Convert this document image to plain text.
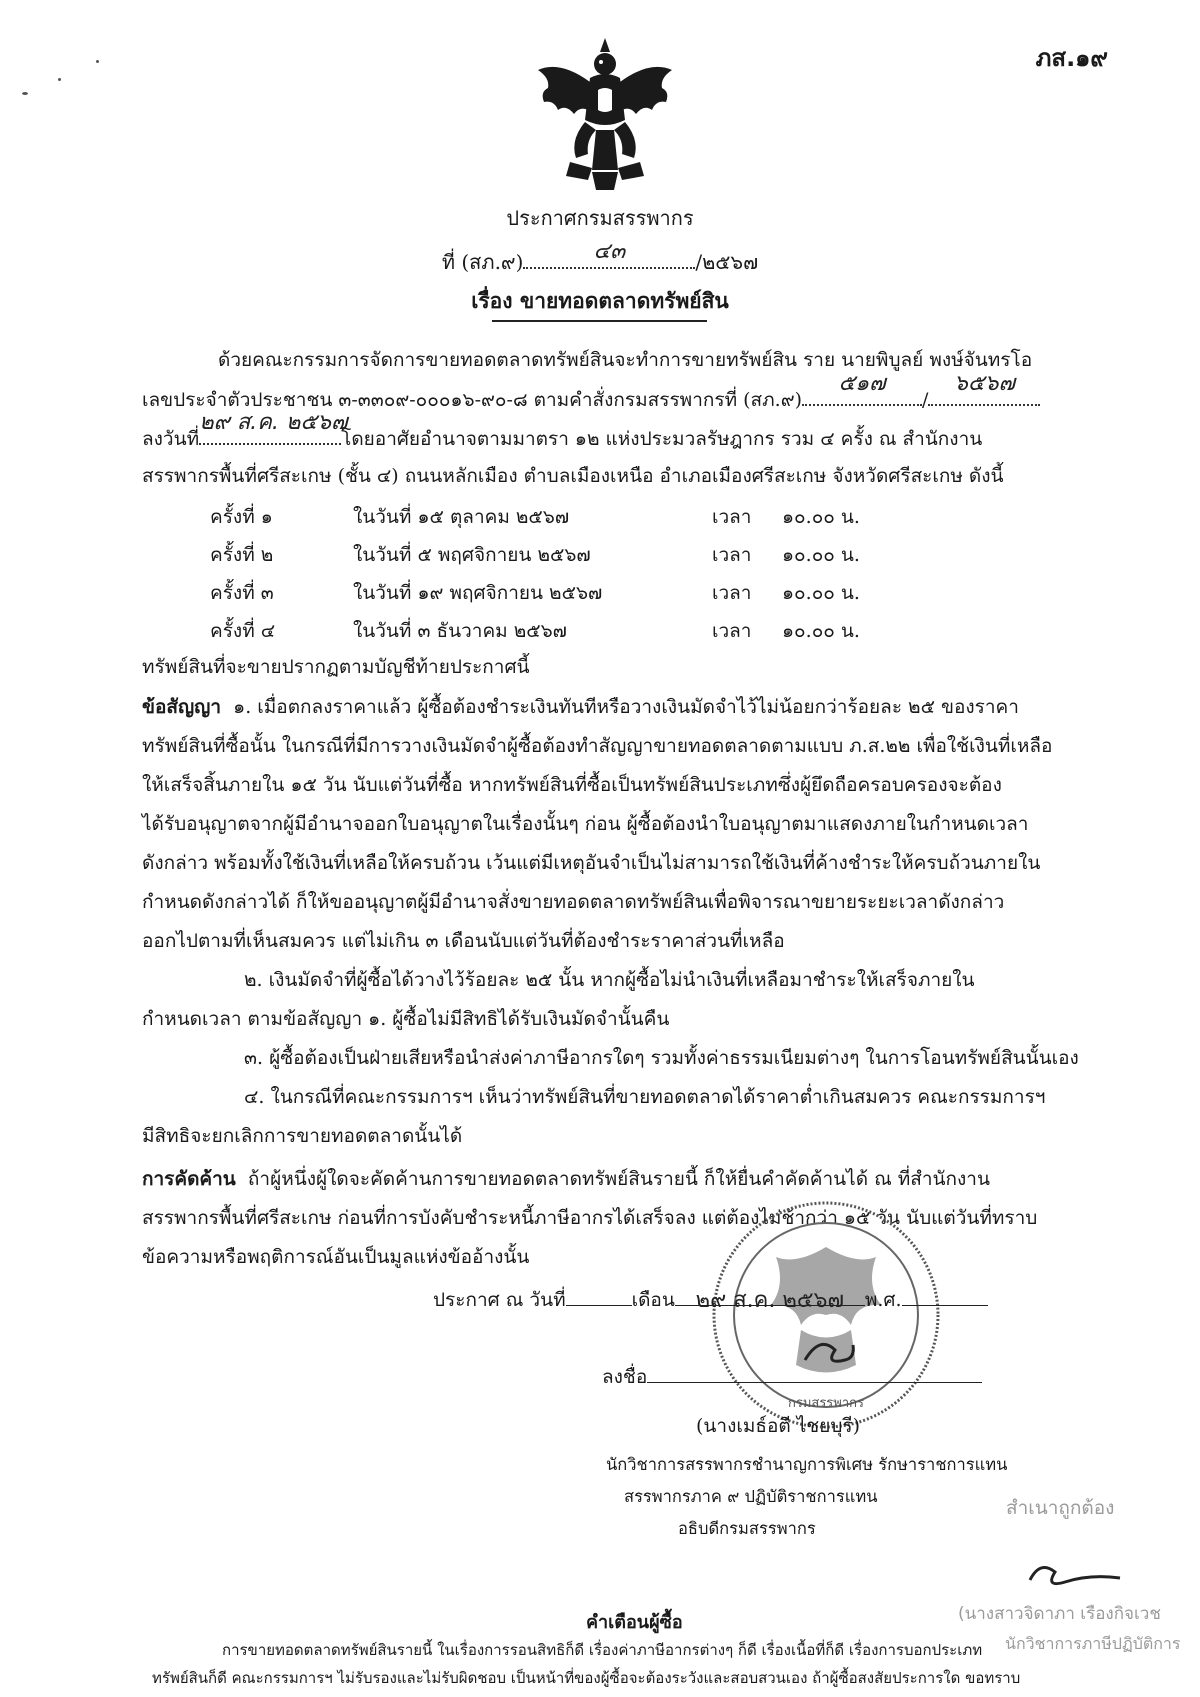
ภส.๑๙
ประกาศกรมสรรพากร
ที่ (สภ.๙)	๔๓	/๒๕๖๗
เรื่อง ขายทอดตลาดทรัพย์สิน
ด้วยคณะกรรมการจัดการขายทอดตลาดทรัพย์สินจะทำการขายทรัพย์สิน ราย นายพิบูลย์ พงษ์จันทรโอ
เลขประจำตัวประชาชน ๓-๓๓๐๙-๐๐๐๑๖-๙๐-๘ ตามคำสั่งกรมสรรพากรที่ (สภ.๙)
๕๑๗
/
๖๕๖๗
ลงวันที่
๒๙ ส.ค. ๒๕๖๗
โดยอาศัยอำนาจตามมาตรา ๑๒ แห่งประมวลรัษฎากร รวม ๔ ครั้ง ณ สำนักงาน
สรรพากรพื้นที่ศรีสะเกษ (ชั้น ๔) ถนนหลักเมือง ตำบลเมืองเหนือ อำเภอเมืองศรีสะเกษ จังหวัดศรีสะเกษ ดังนี้
ครั้งที่ ๑	ในวันที่ ๑๕ ตุลาคม ๒๕๖๗	เวลา ๑๐.๐๐ น.
ครั้งที่ ๒	ในวันที่ ๕ พฤศจิกายน ๒๕๖๗	เวลา ๑๐.๐๐ น.
ครั้งที่ ๓	ในวันที่ ๑๙ พฤศจิกายน ๒๕๖๗	เวลา ๑๐.๐๐ น.
ครั้งที่ ๔	ในวันที่ ๓ ธันวาคม ๒๕๖๗	เวลา ๑๐.๐๐ น.
ทรัพย์สินที่จะขายปรากฏตามบัญชีท้ายประกาศนี้
ข้อสัญญา ๑. เมื่อตกลงราคาแล้ว ผู้ซื้อต้องชำระเงินทันทีหรือวางเงินมัดจำไว้ไม่น้อยกว่าร้อยละ ๒๕ ของราคา
ทรัพย์สินที่ซื้อนั้น ในกรณีที่มีการวางเงินมัดจำผู้ซื้อต้องทำสัญญาขายทอดตลาดตามแบบ ภ.ส.๒๒ เพื่อใช้เงินที่เหลือ
ให้เสร็จสิ้นภายใน ๑๕ วัน นับแต่วันที่ซื้อ หากทรัพย์สินที่ซื้อเป็นทรัพย์สินประเภทซึ่งผู้ยึดถือครอบครองจะต้อง
ได้รับอนุญาตจากผู้มีอำนาจออกใบอนุญาตในเรื่องนั้นๆ ก่อน ผู้ซื้อต้องนำใบอนุญาตมาแสดงภายในกำหนดเวลา
ดังกล่าว พร้อมทั้งใช้เงินที่เหลือให้ครบถ้วน เว้นแต่มีเหตุอันจำเป็นไม่สามารถใช้เงินที่ค้างชำระให้ครบถ้วนภายใน
กำหนดดังกล่าวได้ ก็ให้ขออนุญาตผู้มีอำนาจสั่งขายทอดตลาดทรัพย์สินเพื่อพิจารณาขยายระยะเวลาดังกล่าว
ออกไปตามที่เห็นสมควร แต่ไม่เกิน ๓ เดือนนับแต่วันที่ต้องชำระราคาส่วนที่เหลือ
๒. เงินมัดจำที่ผู้ซื้อได้วางไว้ร้อยละ ๒๕ นั้น หากผู้ซื้อไม่นำเงินที่เหลือมาชำระให้เสร็จภายใน
กำหนดเวลา ตามข้อสัญญา ๑. ผู้ซื้อไม่มีสิทธิได้รับเงินมัดจำนั้นคืน
๓. ผู้ซื้อต้องเป็นฝ่ายเสียหรือนำส่งค่าภาษีอากรใดๆ รวมทั้งค่าธรรมเนียมต่างๆ ในการโอนทรัพย์สินนั้นเอง
๔. ในกรณีที่คณะกรรมการฯ เห็นว่าทรัพย์สินที่ขายทอดตลาดได้ราคาต่ำเกินสมควร คณะกรรมการฯ
มีสิทธิจะยกเลิกการขายทอดตลาดนั้นได้
การคัดค้าน ถ้าผู้หนึ่งผู้ใดจะคัดค้านการขายทอดตลาดทรัพย์สินรายนี้ ก็ให้ยื่นคำคัดค้านได้ ณ ที่สำนักงาน
สรรพากรพื้นที่ศรีสะเกษ ก่อนที่การบังคับชำระหนี้ภาษีอากรได้เสร็จลง แต่ต้องไม่ช้ากว่า ๑๕ วัน นับแต่วันที่ทราบ
ข้อความหรือพฤติการณ์อันเป็นมูลแห่งข้ออ้างนั้น
กรมสรรพากร
ประกาศ ณ วันที่	เดือน ๒๙ ส.ค. ๒๕๖๗	พ.ศ.
ลงชื่อ
(นางเมธ์อตี ไชยบุรี)
นักวิชาการสรรพากรชำนาญการพิเศษ รักษาราชการแทน
สรรพากรภาค ๙ ปฏิบัติราชการแทน
อธิบดีกรมสรรพากร
สำเนาถูกต้อง
(นางสาวจิดาภา เรืองกิจเวช
นักวิชาการภาษีปฏิบัติการ
คำเตือนผู้ซื้อ
การขายทอดตลาดทรัพย์สินรายนี้ ในเรื่องการรอนสิทธิก็ดี เรื่องค่าภาษีอากรต่างๆ ก็ดี เรื่องเนื้อที่ก็ดี เรื่องการบอกประเภท
ทรัพย์สินก็ดี คณะกรรมการฯ ไม่รับรองและไม่รับผิดชอบ เป็นหน้าที่ของผู้ซื้อจะต้องระวังและสอบสวนเอง ถ้าผู้ซื้อสงสัยประการใด ขอทราบ
